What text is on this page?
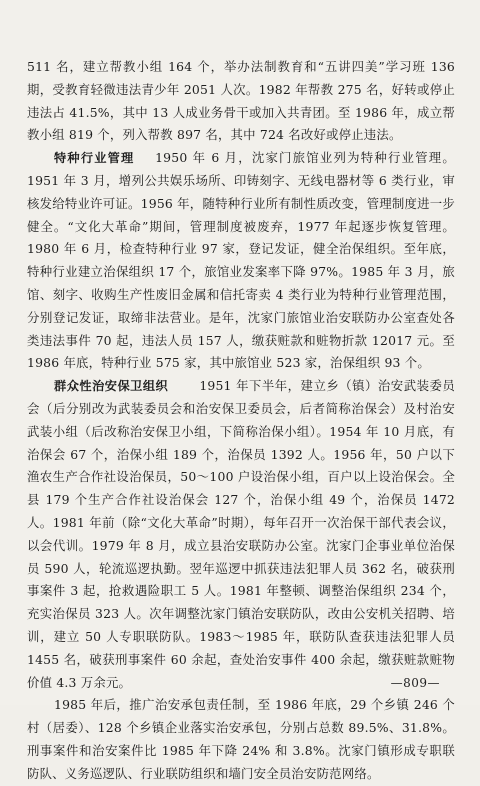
511 名，建立帮教小组 164 个，举办法制教育和“五讲四美”学习班 136 期，受教育轻微违法青少年 2051 人次。1982 年帮教 275 名，好转或停止违法占 41.5%，其中 13 人成业务骨干或加入共青团。至 1986 年，成立帮教小组 819 个，列入帮教 897 名，其中 724 名改好或停止违法。

特种行业管理 1950 年 6 月，沈家门旅馆业列为特种行业管理。1951 年 3 月，增列公共娱乐场所、印铸刻字、无线电器材等 6 类行业，审核发给特业许可证。1956 年，随特种行业所有制性质改变，管理制度进一步健全。“文化大革命”期间，管理制度被废弃，1977 年起逐步恢复管理。1980 年 6 月，检查特种行业 97 家，登记发证，健全治保组织。至年底，特种行业建立治保组织 17 个，旅馆业发案率下降 97%。1985 年 3 月，旅馆、刻字、收购生产性废旧金属和信托寄卖 4 类行业为特种行业管理范围，分别登记发证，取缔非法营业。是年，沈家门旅馆业治安联防办公室查处各类违法事件 70 起，违法人员 157 人，缴获赃款和赃物折款 12017 元。至 1986 年底，特种行业 575 家，其中旅馆业 523 家，治保组织 93 个。

群众性治安保卫组织	1951 年下半年，建立乡（镇）治安武装委员会（后分别改为武装委员会和治安保卫委员会，后者简称治保会）及村治安武装小组（后改称治安保卫小组，下简称治保小组）。1954 年 10 月底，有治保会 67 个，治保小组 189 个，治保员 1392 人。1956 年，50 户以下渔农生产合作社设治保员，50～100 户设治保小组，百户以上设治保会。全县 179 个生产合作社设治保会 127 个，治保小组 49 个，治保员 1472 人。1981 年前（除“文化大革命”时期），每年召开一次治保干部代表会议，以会代训。1979 年 8 月，成立县治安联防办公室。沈家门企事业单位治保员 590 人，轮流巡逻执勤。翌年巡逻中抓获违法犯罪人员 362 名，破获刑事案件 3 起，抢救遇险职工 5 人。1981 年整顿、调整治保组织 234 个，充实治保员 323 人。次年调整沈家门镇治安联防队，改由公安机关招聘、培训，建立 50 人专职联防队。1983～1985 年，联防队查获违法犯罪人员 1455 名，破获刑事案件 60 余起，查处治安事件 400 余起，缴获赃款赃物价值 4.3 万余元。

1985 年后，推广治安承包责任制，至 1986 年底，29 个乡镇 246 个村（居委）、128 个乡镇企业落实治安承包，分别占总数 89.5%、31.8%。刑事案件和治安案件比 1985 年下降 24% 和 3.8%。沈家门镇形成专职联防队、义务巡逻队、行业联防组织和墙门安全员治安防范网络。

—809—
